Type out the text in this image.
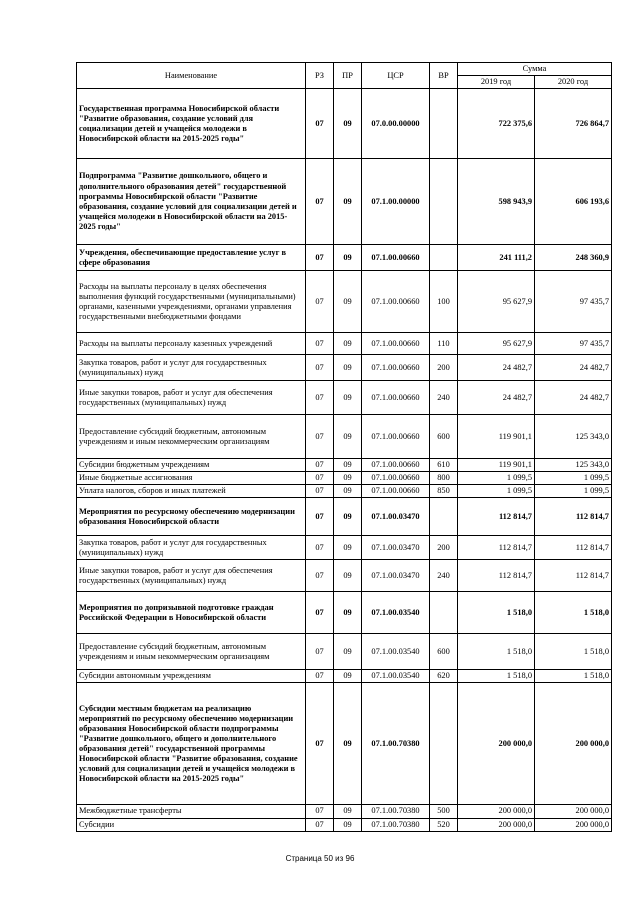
Наименование	РЗ	ПР	ЦСР	ВР	Сумма	
					2019 год	2020 год
Государственная программа Новосибирской области "Развитие образования, создание условий для социализации детей и учащейся молодежи в Новосибирской области на 2015-2025 годы"	07	09	07.0.00.00000		722 375,6	726 864,7
Подпрограмма "Развитие дошкольного, общего и дополнительного образования детей" государственной программы Новосибирской области "Развитие образования, создание условий для социализации детей и учащейся молодежи в Новосибирской области на 2015-2025 годы"	07	09	07.1.00.00000		598 943,9	606 193,6
Учреждения, обеспечивающие предоставление услуг в сфере образования	07	09	07.1.00.00660		241 111,2	248 360,9
Расходы на выплаты персоналу в целях обеспечения выполнения функций государственными (муниципальными) органами, казенными учреждениями, органами управления государственными внебюджетными фондами	07	09	07.1.00.00660	100	95 627,9	97 435,7
Расходы на выплаты персоналу казенных учреждений	07	09	07.1.00.00660	110	95 627,9	97 435,7
Закупка товаров, работ и услуг для государственных (муниципальных) нужд	07	09	07.1.00.00660	200	24 482,7	24 482,7
Иные закупки товаров, работ и услуг для обеспечения государственных (муниципальных) нужд	07	09	07.1.00.00660	240	24 482,7	24 482,7
Предоставление субсидий бюджетным, автономным учреждениям и иным некоммерческим организациям	07	09	07.1.00.00660	600	119 901,1	125 343,0
Субсидии бюджетным учреждениям	07	09	07.1.00.00660	610	119 901,1	125 343,0
Иные бюджетные ассигнования	07	09	07.1.00.00660	800	1 099,5	1 099,5
Уплата налогов, сборов и иных платежей	07	09	07.1.00.00660	850	1 099,5	1 099,5
Мероприятия по ресурсному обеспечению модернизации образования Новосибирской области	07	09	07.1.00.03470		112 814,7	112 814,7
Закупка товаров, работ и услуг для государственных (муниципальных) нужд	07	09	07.1.00.03470	200	112 814,7	112 814,7
Иные закупки товаров, работ и услуг для обеспечения государственных (муниципальных) нужд	07	09	07.1.00.03470	240	112 814,7	112 814,7
Мероприятия по допризывной подготовке граждан Российской Федерации в Новосибирской области	07	09	07.1.00.03540		1 518,0	1 518,0
Предоставление субсидий бюджетным, автономным учреждениям и иным некоммерческим организациям	07	09	07.1.00.03540	600	1 518,0	1 518,0
Субсидии автономным учреждениям	07	09	07.1.00.03540	620	1 518,0	1 518,0
Субсидии местным бюджетам на реализацию мероприятий по ресурсному обеспечению модернизации образования Новосибирской области подпрограммы "Развитие дошкольного, общего и дополнительного образования детей" государственной программы Новосибирской области "Развитие образования, создание условий для социализации детей и учащейся молодежи в Новосибирской области на 2015-2025 годы"	07	09	07.1.00.70380		200 000,0	200 000,0
Межбюджетные трансферты	07	09	07.1.00.70380	500	200 000,0	200 000,0
Субсидии	07	09	07.1.00.70380	520	200 000,0	200 000,0
Страница 50 из 96
